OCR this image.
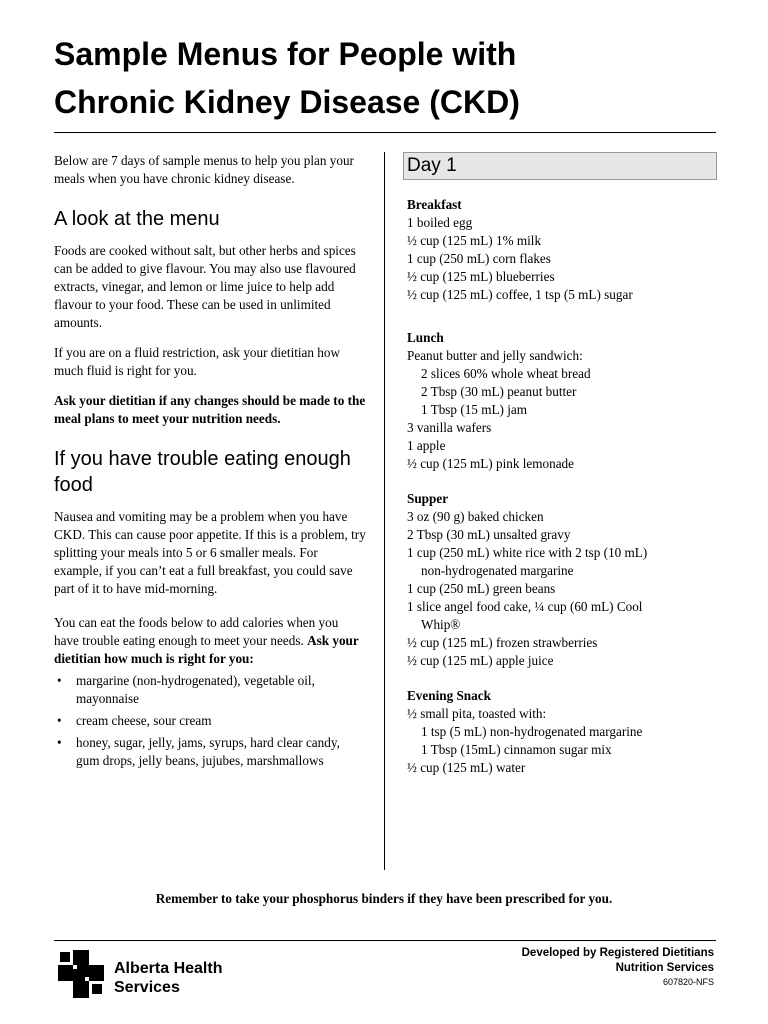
Sample Menus for People with
Chronic Kidney Disease (CKD)

Below are 7 days of sample menus to help you plan your meals when you have chronic kidney disease.

A look at the menu

Foods are cooked without salt, but other herbs and spices can be added to give flavour. You may also use flavoured extracts, vinegar, and lemon or lime juice to help add flavour to your food. These can be used in unlimited amounts.

If you are on a fluid restriction, ask your dietitian how much fluid is right for you.

Ask your dietitian if any changes should be made to the meal plans to meet your nutrition needs.

If you have trouble eating enough food

Nausea and vomiting may be a problem when you have CKD. This can cause poor appetite. If this is a problem, try splitting your meals into 5 or 6 smaller meals. For example, if you can’t eat a full breakfast, you could save part of it to have mid-morning.

You can eat the foods below to add calories when you have trouble eating enough to meet your needs. Ask your dietitian how much is right for you:

• margarine (non-hydrogenated), vegetable oil, mayonnaise
• cream cheese, sour cream
• honey, sugar, jelly, jams, syrups, hard clear candy, gum drops, jelly beans, jujubes, marshmallows
Day 1
Breakfast
1 boiled egg
½ cup (125 mL) 1% milk
1 cup (250 mL) corn flakes
½ cup (125 mL) blueberries
½ cup (125 mL) coffee, 1 tsp (5 mL) sugar
Lunch
Peanut butter and jelly sandwich:
2 slices 60% whole wheat bread
2 Tbsp (30 mL) peanut butter
1 Tbsp (15 mL) jam
3 vanilla wafers
1 apple
½ cup (125 mL) pink lemonade
Supper
3 oz (90 g) baked chicken
2 Tbsp (30 mL) unsalted gravy
1 cup (250 mL) white rice with 2 tsp (10 mL)
non-hydrogenated margarine
1 cup (250 mL) green beans
1 slice angel food cake, ¼ cup (60 mL) Cool
Whip®
½ cup (125 mL) frozen strawberries
½ cup (125 mL) apple juice
Evening Snack
½ small pita, toasted with:
1 tsp (5 mL) non-hydrogenated margarine
1 Tbsp (15mL) cinnamon sugar mix
½ cup (125 mL) water
Remember to take your phosphorus binders if they have been prescribed for you.
Alberta Health
Services
Developed by Registered Dietitians
Nutrition Services
607820-NFS
